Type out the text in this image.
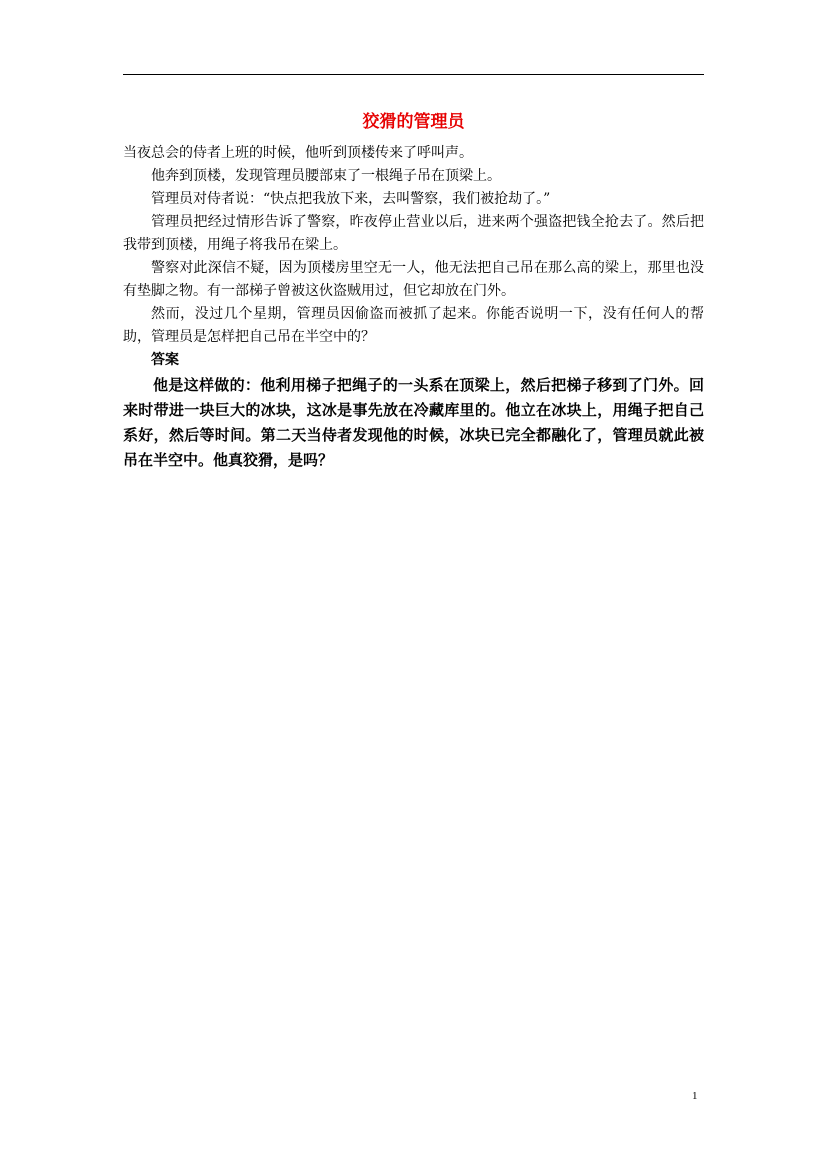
狡猾的管理员

当夜总会的侍者上班的时候，他听到顶楼传来了呼叫声。

他奔到顶楼，发现管理员腰部束了一根绳子吊在顶梁上。

管理员对侍者说：“快点把我放下来，去叫警察，我们被抢劫了。”

管理员把经过情形告诉了警察，昨夜停止营业以后，进来两个强盗把钱全抢去了。然后把我带到顶楼，用绳子将我吊在梁上。

警察对此深信不疑，因为顶楼房里空无一人，他无法把自己吊在那么高的梁上，那里也没有垫脚之物。有一部梯子曾被这伙盗贼用过，但它却放在门外。

然而，没过几个星期，管理员因偷盗而被抓了起来。你能否说明一下，没有任何人的帮助，管理员是怎样把自己吊在半空中的？

答案

他是这样做的：他利用梯子把绳子的一头系在顶梁上，然后把梯子移到了门外。回来时带进一块巨大的冰块，这冰是事先放在冷藏库里的。他立在冰块上，用绳子把自己系好，然后等时间。第二天当侍者发现他的时候，冰块已完全都融化了，管理员就此被吊在半空中。他真狡猾，是吗？

1
